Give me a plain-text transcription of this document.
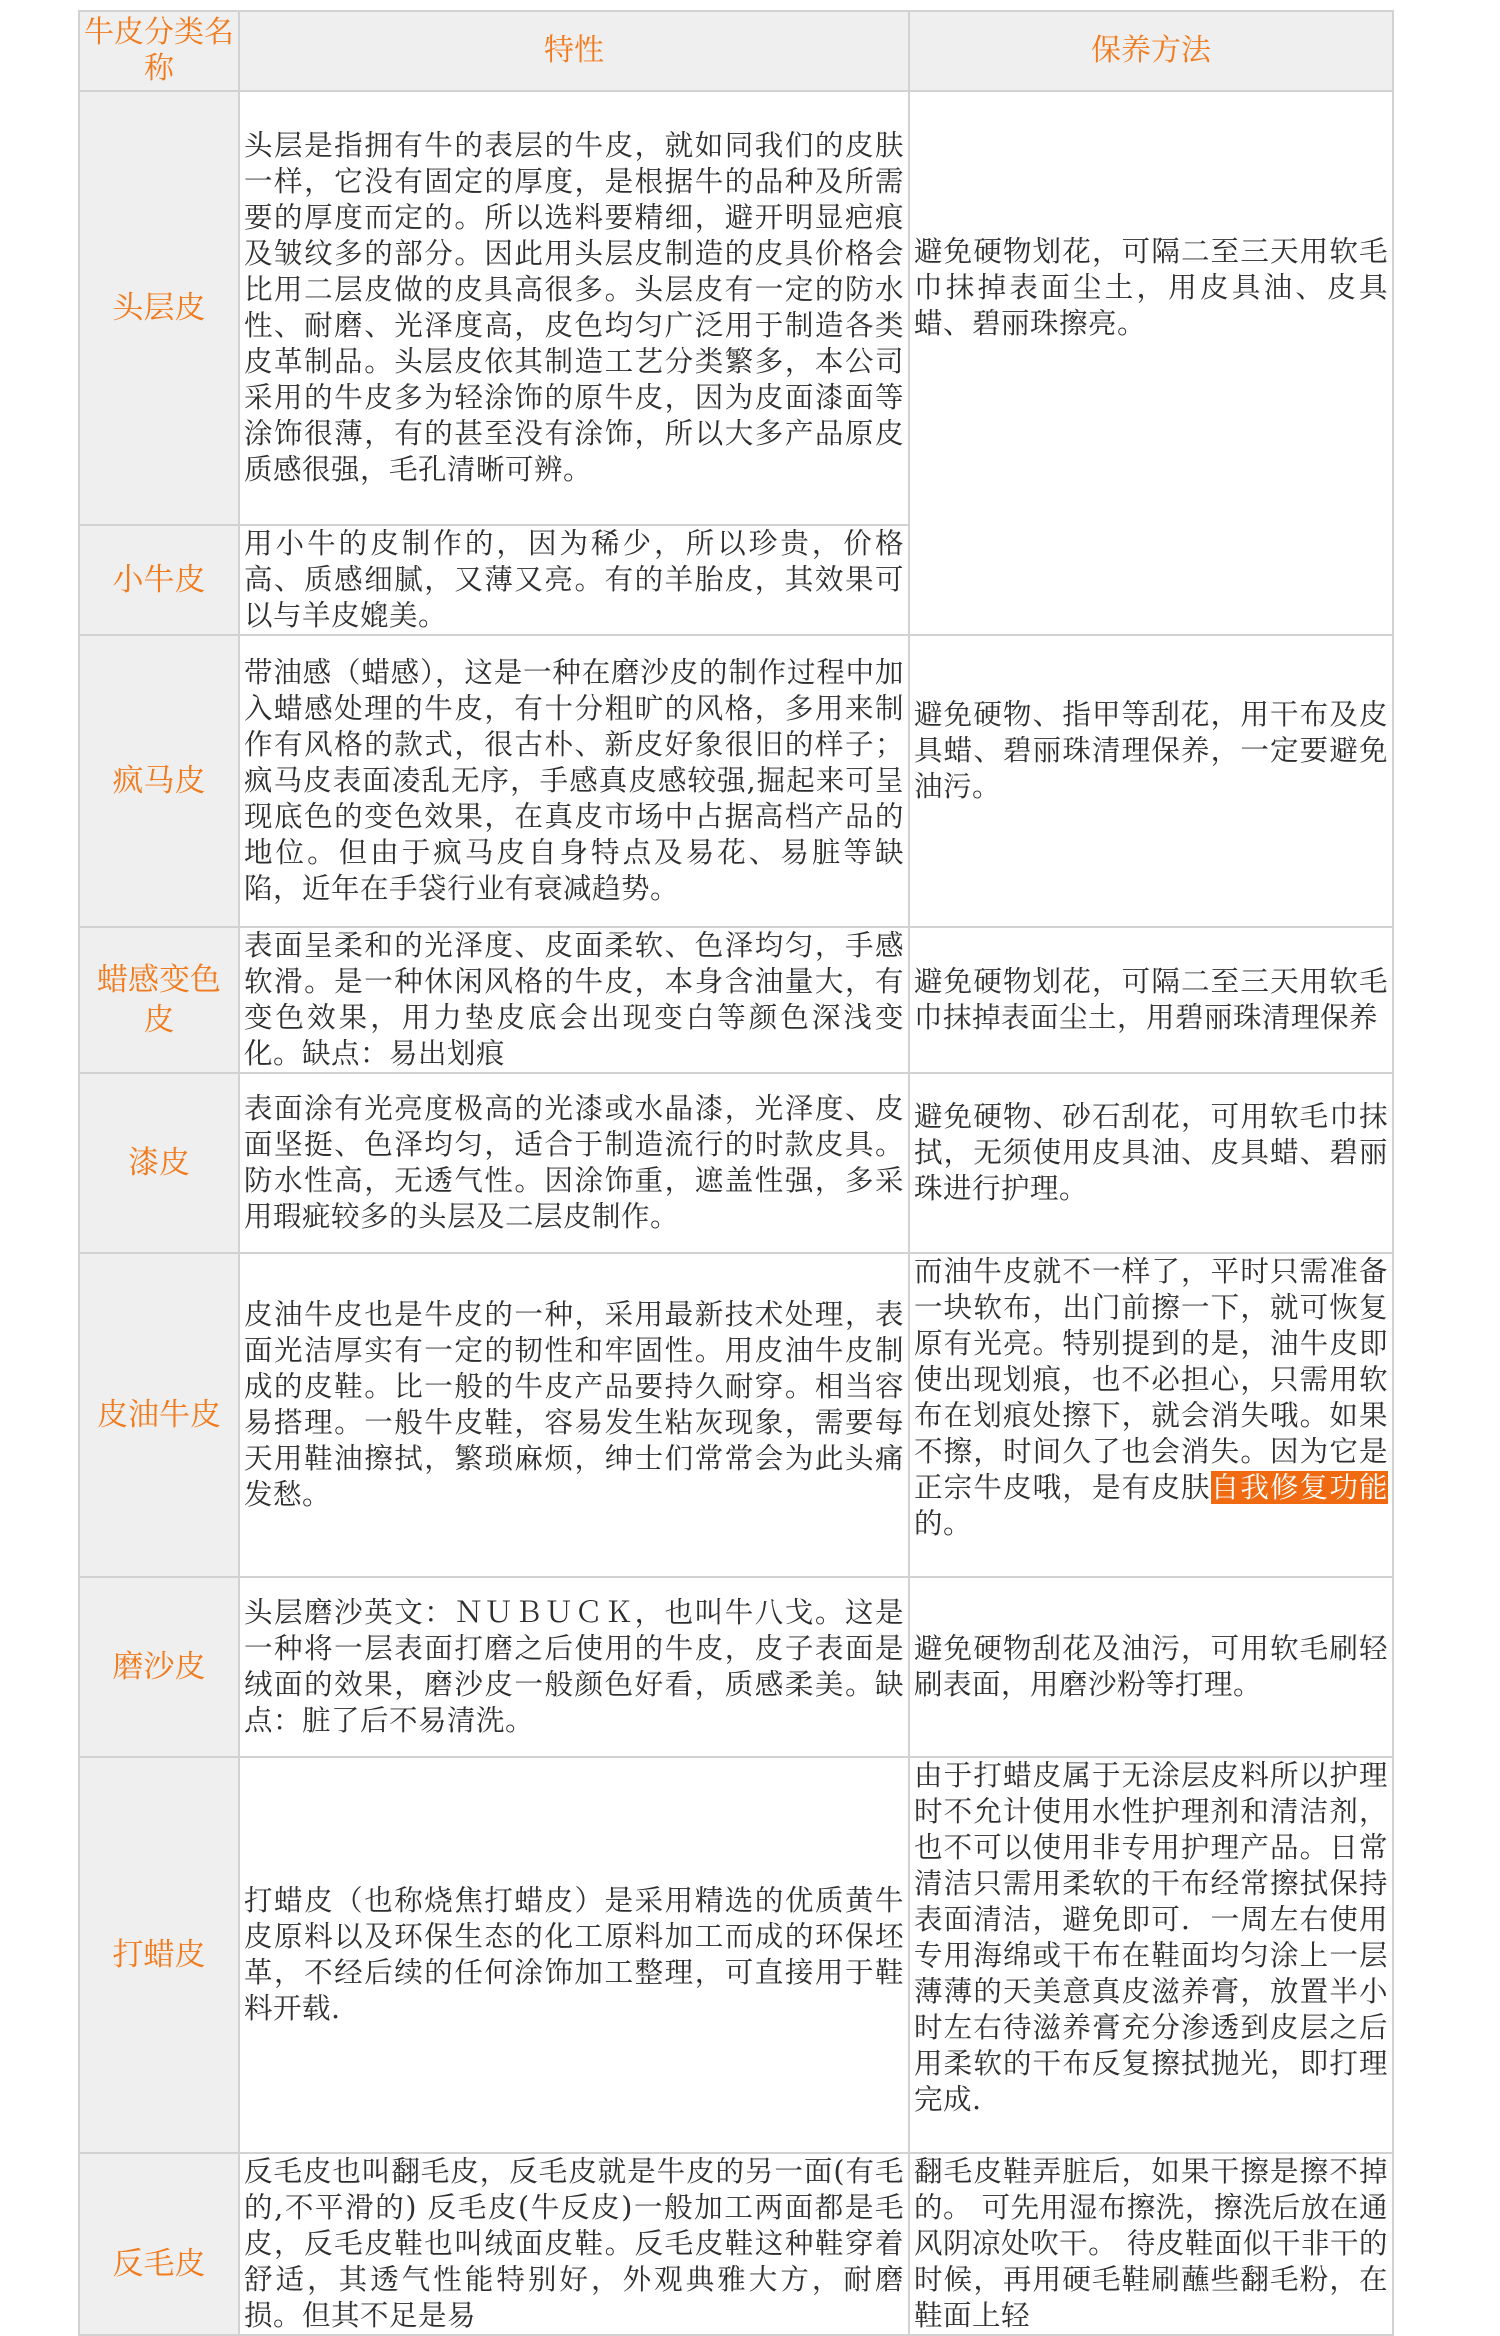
牛皮分类名称	特性	保养方法
头层皮	头层是指拥有牛的表层的牛皮，就如同我们的皮肤一样，它没有固定的厚度，是根据牛的品种及所需要的厚度而定的。所以选料要精细，避开明显疤痕及皱纹多的部分。因此用头层皮制造的皮具价格会比用二层皮做的皮具高很多。头层皮有一定的防水性、耐磨、光泽度高，皮色均匀广泛用于制造各类皮革制品。头层皮依其制造工艺分类繁多，本公司采用的牛皮多为轻涂饰的原牛皮，因为皮面漆面等涂饰很薄，有的甚至没有涂饰，所以大多产品原皮质感很强，毛孔清晰可辨。	避免硬物划花，可隔二至三天用软毛巾抹掉表面尘土，用皮具油、皮具蜡、碧丽珠擦亮。
小牛皮	用小牛的皮制作的，因为稀少，所以珍贵，价格高、质感细腻，又薄又亮。有的羊胎皮，其效果可以与羊皮媲美。	
疯马皮	带油感（蜡感），这是一种在磨沙皮的制作过程中加入蜡感处理的牛皮，有十分粗旷的风格，多用来制作有风格的款式，很古朴、新皮好象很旧的样子；疯马皮表面凌乱无序，手感真皮感较强,掘起来可呈现底色的变色效果，在真皮市场中占据高档产品的地位。但由于疯马皮自身特点及易花、易脏等缺陷，近年在手袋行业有衰减趋势。	避免硬物、指甲等刮花，用干布及皮具蜡、碧丽珠清理保养，一定要避免油污。
蜡感变色皮	表面呈柔和的光泽度、皮面柔软、色泽均匀，手感软滑。是一种休闲风格的牛皮，本身含油量大，有变色效果，用力垫皮底会出现变白等颜色深浅变化。缺点：易出划痕	避免硬物划花，可隔二至三天用软毛巾抹掉表面尘土，用碧丽珠清理保养
漆皮	表面涂有光亮度极高的光漆或水晶漆，光泽度、皮面坚挺、色泽均匀，适合于制造流行的时款皮具。防水性高，无透气性。因涂饰重，遮盖性强，多采用瑕疵较多的头层及二层皮制作。	避免硬物、砂石刮花，可用软毛巾抹拭，无须使用皮具油、皮具蜡、碧丽珠进行护理。
皮油牛皮	皮油牛皮也是牛皮的一种，采用最新技术处理，表面光洁厚实有一定的韧性和牢固性。用皮油牛皮制成的皮鞋。比一般的牛皮产品要持久耐穿。相当容易搭理。一般牛皮鞋，容易发生粘灰现象，需要每天用鞋油擦拭，繁琐麻烦，绅士们常常会为此头痛发愁。	而油牛皮就不一样了，平时只需准备一块软布，出门前擦一下，就可恢复原有光亮。特别提到的是，油牛皮即使出现划痕，也不必担心，只需用软布在划痕处擦下，就会消失哦。如果不擦，时间久了也会消失。因为它是正宗牛皮哦，是有皮肤自我修复功能的。
磨沙皮	头层磨沙英文：ＮＵＢＵＣＫ，也叫牛八戈。这是一种将一层表面打磨之后使用的牛皮，皮子表面是绒面的效果，磨沙皮一般颜色好看，质感柔美。缺点：脏了后不易清洗。	避免硬物刮花及油污，可用软毛刷轻刷表面，用磨沙粉等打理。
打蜡皮	打蜡皮（也称烧焦打蜡皮）是采用精选的优质黄牛皮原料以及环保生态的化工原料加工而成的环保坯革，不经后续的任何涂饰加工整理，可直接用于鞋料开载.	由于打蜡皮属于无涂层皮料所以护理时不允计使用水性护理剂和清洁剂，也不可以使用非专用护理产品。日常清洁只需用柔软的干布经常擦拭保持表面清洁，避免即可．一周左右使用专用海绵或干布在鞋面均匀涂上一层薄薄的天美意真皮滋养膏，放置半小时左右待滋养膏充分渗透到皮层之后用柔软的干布反复擦拭抛光，即打理完成.
反毛皮	反毛皮也叫翻毛皮，反毛皮就是牛皮的另一面(有毛的,不平滑的) 反毛皮(牛反皮)一般加工两面都是毛皮，反毛皮鞋也叫绒面皮鞋。反毛皮鞋这种鞋穿着舒适，其透气性能特别好，外观典雅大方，耐磨损。但其不足是易	翻毛皮鞋弄脏后，如果干擦是擦不掉的。 可先用湿布擦洗，擦洗后放在通风阴凉处吹干。 待皮鞋面似干非干的时候，再用硬毛鞋刷蘸些翻毛粉，在鞋面上轻
